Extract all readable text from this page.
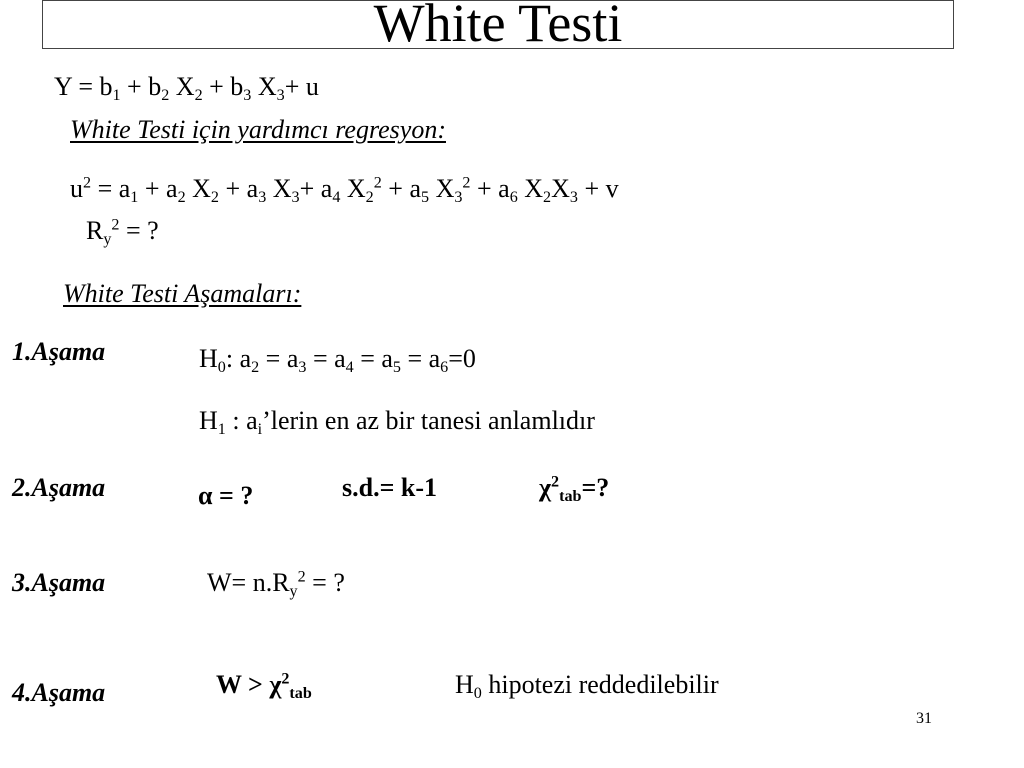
White Testi
$Y = b_1 + b_2$ $X_2 + b_3$ $X_3+ u$
White Testi için yardımcı regresyon:
$u^2 = a_1 + a_2$ $X_2 + a_3$ $X_3+ a_4$ $X_2^2 + a_5$ $X_3^2 + a_6$ $X_2X_3 + v$
$R_y^2$ = ?
White Testi Aşamaları:
1.Aşama	$H_0$: $a_2 = a_3 = a_4 = a_5 = a_6=0$
$H_1$ : $a_i’lerin$ en az bir tanesi anlamlıdır
2.Aşama	α = ?	s.d.= k-1	$\chi^2_{tab}=$?
3.Aşama	$W= n.R_y^2$ = ?
4.Aşama	$W > \chi^2_{tab}$	$H_0$ hipotezi reddedilebilir
31
